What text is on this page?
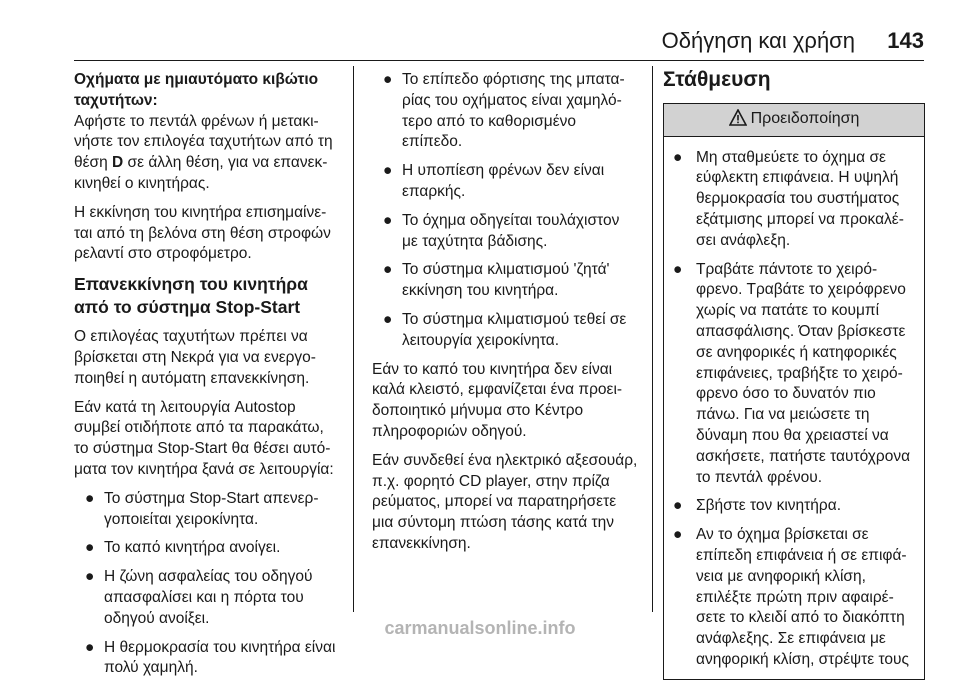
Οδήγηση και χρήση 143

Οχήματα με ημιαυτόματο κιβώτιο ταχυτήτων:

Αφήστε το πεντάλ φρένων ή μετακι-νήστε τον επιλογέα ταχυτήτων από τη θέση D σε άλλη θέση, για να επανεκ-κινηθεί ο κινητήρας.

Η εκκίνηση του κινητήρα επισημαίνε-ται από τη βελόνα στη θέση στροφών ρελαντί στο στροφόμετρο.

Επανεκκίνηση του κινητήρα από το σύστημα Stop-Start

Ο επιλογέας ταχυτήτων πρέπει να βρίσκεται στη Νεκρά για να ενεργο-ποιηθεί η αυτόματη επανεκκίνηση.

Εάν κατά τη λειτουργία Autostop συμβεί οτιδήποτε από τα παρακάτω, το σύστημα Stop-Start θα θέσει αυτό-ματα τον κινητήρα ξανά σε λειτουργία:

● Το σύστημα Stop-Start απενερ-γοποιείται χειροκίνητα.
● Το καπό κινητήρα ανοίγει.
● Η ζώνη ασφαλείας του οδηγού απασφαλίσει και η πόρτα του οδηγού ανοίξει.
● Η θερμοκρασία του κινητήρα είναι πολύ χαμηλή.
● Το επίπεδο φόρτισης της μπατα-ρίας του οχήματος είναι χαμηλό-τερο από το καθορισμένο επίπεδο.
● Η υποπίεση φρένων δεν είναι επαρκής.
● Το όχημα οδηγείται τουλάχιστον με ταχύτητα βάδισης.
● Το σύστημα κλιματισμού 'ζητά' εκκίνηση του κινητήρα.
● Το σύστημα κλιματισμού τεθεί σε λειτουργία χειροκίνητα.

Εάν το καπό του κινητήρα δεν είναι καλά κλειστό, εμφανίζεται ένα προει-δοποιητικό μήνυμα στο Κέντρο πληροφοριών οδηγού.

Εάν συνδεθεί ένα ηλεκτρικό αξεσουάρ, π.χ. φορητό CD player, στην πρίζα ρεύματος, μπορεί να παρατηρήσετε μια σύντομη πτώση τάσης κατά την επανεκκίνηση.

Στάθμευση
Προειδοποίηση
● Μη σταθμεύετε το όχημα σε εύφλεκτη επιφάνεια. Η υψηλή θερμοκρασία του συστήματος εξάτμισης μπορεί να προκαλέ-σει ανάφλεξη.
● Τραβάτε πάντοτε το χειρό-φρενο. Τραβάτε το χειρόφρενο χωρίς να πατάτε το κουμπί απασφάλισης. Όταν βρίσκεστε σε ανηφορικές ή κατηφορικές επιφάνειες, τραβήξτε το χειρό-φρενο όσο το δυνατόν πιο πάνω. Για να μειώσετε τη δύναμη που θα χρειαστεί να ασκήσετε, πατήστε ταυτόχρονα το πεντάλ φρένου.
● Σβήστε τον κινητήρα.
● Αν το όχημα βρίσκεται σε επίπεδη επιφάνεια ή σε επιφά-νεια με ανηφορική κλίση, επιλέξτε πρώτη πριν αφαιρέ-σετε το κλειδί από το διακόπτη ανάφλεξης. Σε επιφάνεια με ανηφορική κλίση, στρέψτε τους
carmanualsonline.info
